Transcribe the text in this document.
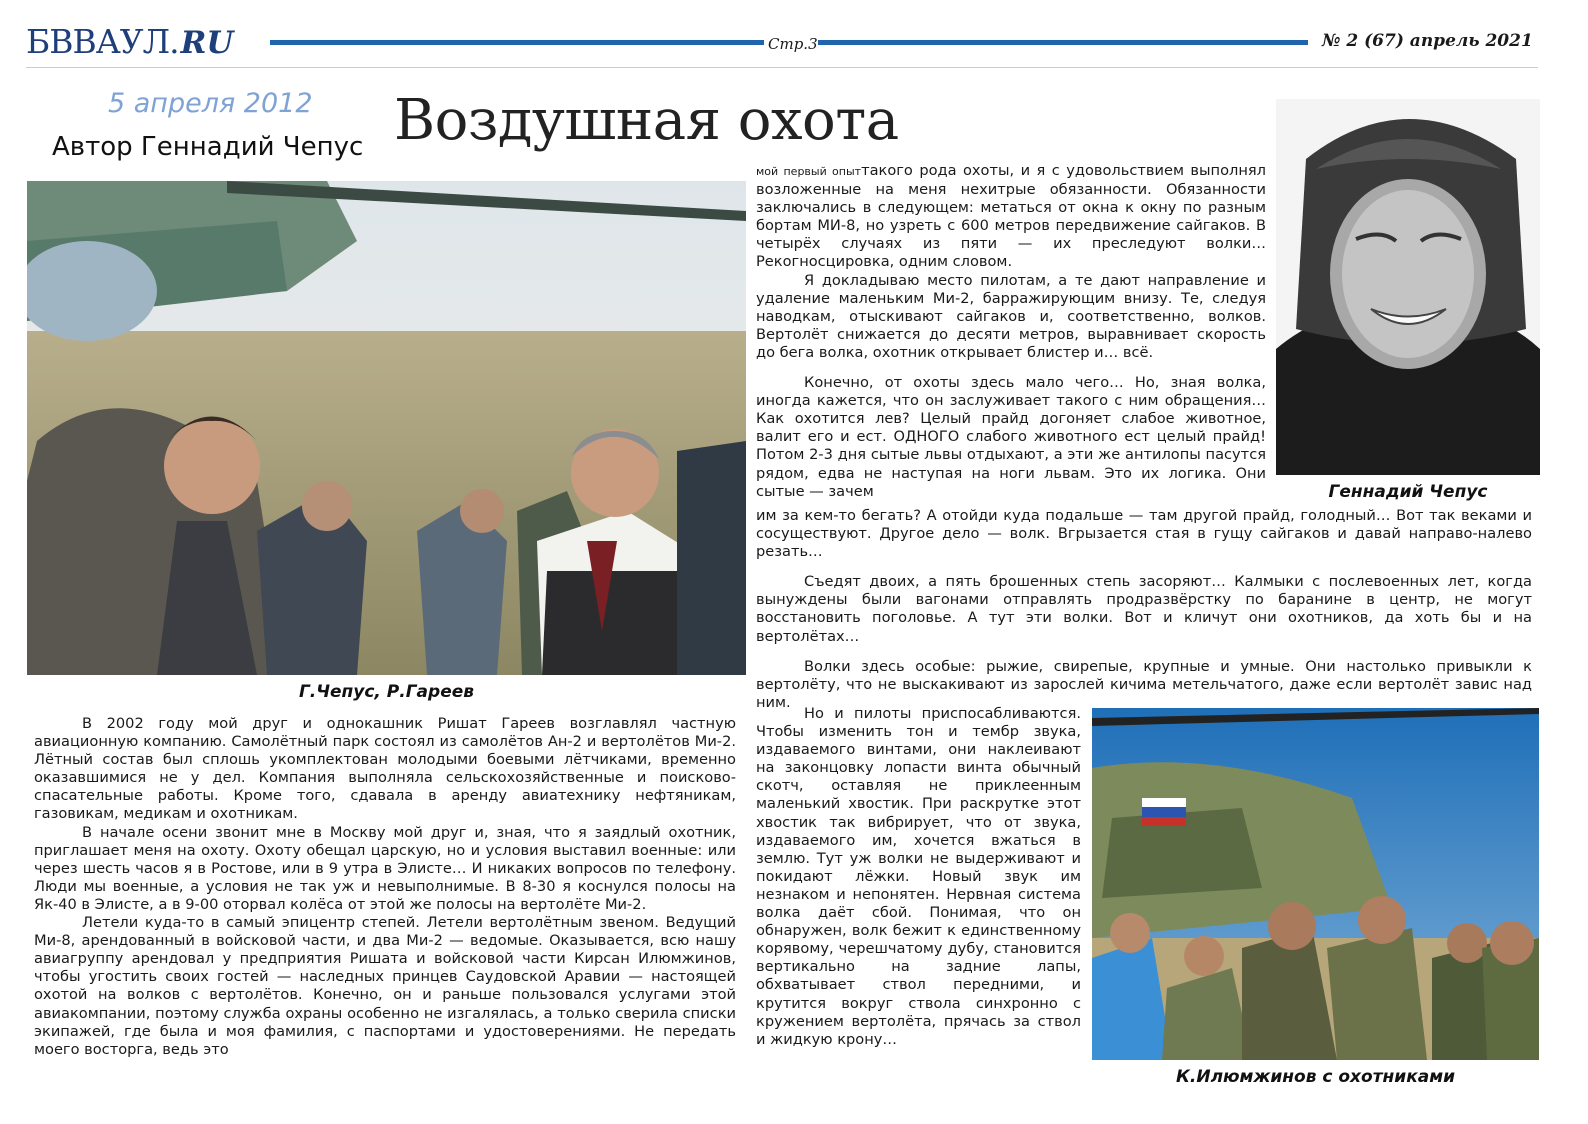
БВВАУЛ.RU	Стр.3	№ 2 (67) апрель 2021
5 апреля 2012
Автор Геннадий Чепус Воздушная охота
Г.Чепус, Р.Гареев

В 2002 году мой друг и однокашник Ришат Гареев возглавлял частную авиационную компанию. Самолётный парк состоял из самолётов Ан-2 и вертолётов Ми-2. Лётный состав был сплошь укомплектован молодыми боевыми лётчиками, временно оказавшимися не у дел. Компания выполняла сельскохозяйственные и поисково-спасательные работы. Кроме того, сдавала в аренду авиатехнику нефтяникам, газовикам, медикам и охотникам.

В начале осени звонит мне в Москву мой друг и, зная, что я заядлый охотник, приглашает меня на охоту. Охоту обещал царскую, но и условия выставил военные: или через шесть часов я в Ростове, или в 9 утра в Элисте… И никаких вопросов по телефону. Люди мы военные, а условия не так уж и невыполнимые. В 8-30 я коснулся полосы на Як-40 в Элисте, а в 9-00 оторвал колёса от этой же полосы на вертолёте Ми-2.

Летели куда-то в самый эпицентр степей. Летели вертолётным звеном. Ведущий Ми-8, арендованный в войсковой части, и два Ми-2 — ведомые. Оказывается, всю нашу авиагруппу арендовал у предприятия Ришата и войсковой части Кирсан Илюмжинов, чтобы угостить своих гостей — наследных принцев Саудовской Аравии — настоящей охотой на волков с вертолётов. Конечно, он и раньше пользовался услугами этой авиакомпании, поэтому служба охраны особенно не изгалялась, а только сверила списки экипажей, где была и моя фамилия, с паспортами и удостоверениями. Не передать моего восторга, ведь это

Геннадий Чепус

мой первый опыттакого рода охоты, и я с удовольствием выполнял возложенные на меня нехитрые обязанности. Обязанности заключались в следующем: метаться от окна к окну по разным бортам МИ-8, но узреть с 600 метров передвижение сайгаков. В четырёх случаях из пяти — их преследуют волки… Рекогносцировка, одним словом.

Я докладываю место пилотам, а те дают направление и удаление маленьким Ми-2, барражирующим внизу. Те, следуя наводкам, отыскивают сайгаков и, соответственно, волков. Вертолёт снижается до десяти метров, выравнивает скорость до бега волка, охотник открывает блистер и… всё.

Конечно, от охоты здесь мало чего… Но, зная волка, иногда кажется, что он заслуживает такого с ним обращения… Как охотится лев? Целый прайд догоняет слабое животное, валит его и ест. ОДНОГО слабого животного ест целый прайд! Потом 2-3 дня сытые львы отдыхают, а эти же антилопы пасутся рядом, едва не наступая на ноги львам. Это их логика. Они сытые — зачем

им за кем-то бегать? А отойди куда подальше — там другой прайд, голодный… Вот так веками и сосуществуют. Другое дело — волк. Вгрызается стая в гущу сайгаков и давай направо-налево резать…

Съедят двоих, а пять брошенных степь засоряют… Калмыки с послевоенных лет, когда вынуждены были вагонами отправлять продразвёрстку по баранине в центр, не могут восстановить поголовье. А тут эти волки. Вот и кличут они охотников, да хоть бы и на вертолётах…

Волки здесь особые: рыжие, свирепые, крупные и умные. Они настолько привыкли к вертолёту, что не выскакивают из зарослей кичима метельчатого, даже если вертолёт завис над ним.

Но и пилоты приспосабливаются. Чтобы изменить тон и тембр звука, издаваемого винтами, они наклеивают на законцовку лопасти винта обычный скотч, оставляя не приклеенным маленький хвостик. При раскрутке этот хвостик так вибрирует, что от звука, издаваемого им, хочется вжаться в землю. Тут уж волки не выдерживают и покидают лёжки. Новый звук им незнаком и непонятен. Нервная система волка даёт сбой. Понимая, что он обнаружен, волк бежит к единственному корявому, черешчатому дубу, становится вертикально на задние лапы, обхватывает ствол передними, и крутится вокруг ствола синхронно с кружением вертолёта, прячась за ствол и жидкую крону…

К.Илюмжинов с охотниками
